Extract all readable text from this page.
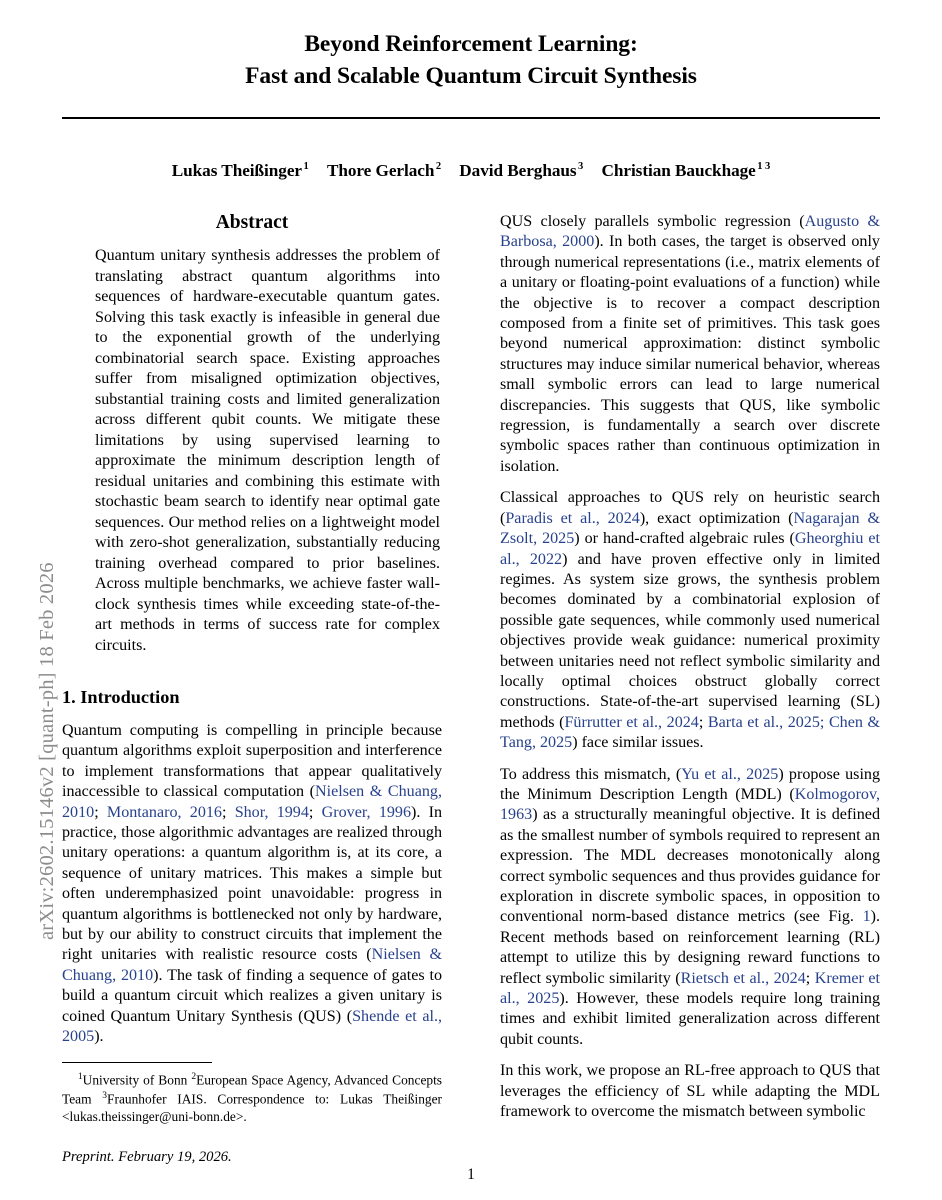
arXiv:2602.15146v2 [quant-ph] 18 Feb 2026
Beyond Reinforcement Learning:
Fast and Scalable Quantum Circuit Synthesis
Lukas Theißinger $^1$ Thore Gerlach $^2$ David Berghaus $^3$ Christian Bauckhage $^{1 3}$
Abstract

Quantum unitary synthesis addresses the problem of translating abstract quantum algorithms into sequences of hardware-executable quantum gates. Solving this task exactly is infeasible in general due to the exponential growth of the underlying combinatorial search space. Existing approaches suffer from misaligned optimization objectives, substantial training costs and limited generalization across different qubit counts. We mitigate these limitations by using supervised learning to approximate the minimum description length of residual unitaries and combining this estimate with stochastic beam search to identify near optimal gate sequences. Our method relies on a lightweight model with zero-shot generalization, substantially reducing training overhead compared to prior baselines. Across multiple benchmarks, we achieve faster wall-clock synthesis times while exceeding state-of-the-art methods in terms of success rate for complex circuits.

1. Introduction

Quantum computing is compelling in principle because quantum algorithms exploit superposition and interference to implement transformations that appear qualitatively inaccessible to classical computation (Nielsen & Chuang, 2010; Montanaro, 2016; Shor, 1994; Grover, 1996). In practice, those algorithmic advantages are realized through unitary operations: a quantum algorithm is, at its core, a sequence of unitary matrices. This makes a simple but often underemphasized point unavoidable: progress in quantum algorithms is bottlenecked not only by hardware, but by our ability to construct circuits that implement the right unitaries with realistic resource costs (Nielsen & Chuang, 2010). The task of finding a sequence of gates to build a quantum circuit which realizes a given unitary is coined Quantum Unitary Synthesis (QUS) (Shende et al., 2005).

$^1$University of Bonn $^2$European Space Agency, Advanced Concepts Team $^3$Fraunhofer IAIS. Correspondence to: Lukas Theißinger <lukas.theissinger@uni-bonn.de>.

Preprint. February 19, 2026.

QUS closely parallels symbolic regression (Augusto & Barbosa, 2000). In both cases, the target is observed only through numerical representations (i.e., matrix elements of a unitary or floating-point evaluations of a function) while the objective is to recover a compact description composed from a finite set of primitives. This task goes beyond numerical approximation: distinct symbolic structures may induce similar numerical behavior, whereas small symbolic errors can lead to large numerical discrepancies. This suggests that QUS, like symbolic regression, is fundamentally a search over discrete symbolic spaces rather than continuous optimization in isolation.

Classical approaches to QUS rely on heuristic search (Paradis et al., 2024), exact optimization (Nagarajan & Zsolt, 2025) or hand-crafted algebraic rules (Gheorghiu et al., 2022) and have proven effective only in limited regimes. As system size grows, the synthesis problem becomes dominated by a combinatorial explosion of possible gate sequences, while commonly used numerical objectives provide weak guidance: numerical proximity between unitaries need not reflect symbolic similarity and locally optimal choices obstruct globally correct constructions. State-of-the-art supervised learning (SL) methods (Fürrutter et al., 2024; Barta et al., 2025; Chen & Tang, 2025) face similar issues.

To address this mismatch, (Yu et al., 2025) propose using the Minimum Description Length (MDL) (Kolmogorov, 1963) as a structurally meaningful objective. It is defined as the smallest number of symbols required to represent an expression. The MDL decreases monotonically along correct symbolic sequences and thus provides guidance for exploration in discrete symbolic spaces, in opposition to conventional norm-based distance metrics (see Fig. 1). Recent methods based on reinforcement learning (RL) attempt to utilize this by designing reward functions to reflect symbolic similarity (Rietsch et al., 2024; Kremer et al., 2025). However, these models require long training times and exhibit limited generalization across different qubit counts.

In this work, we propose an RL-free approach to QUS that leverages the efficiency of SL while adapting the MDL framework to overcome the mismatch between symbolic

1
